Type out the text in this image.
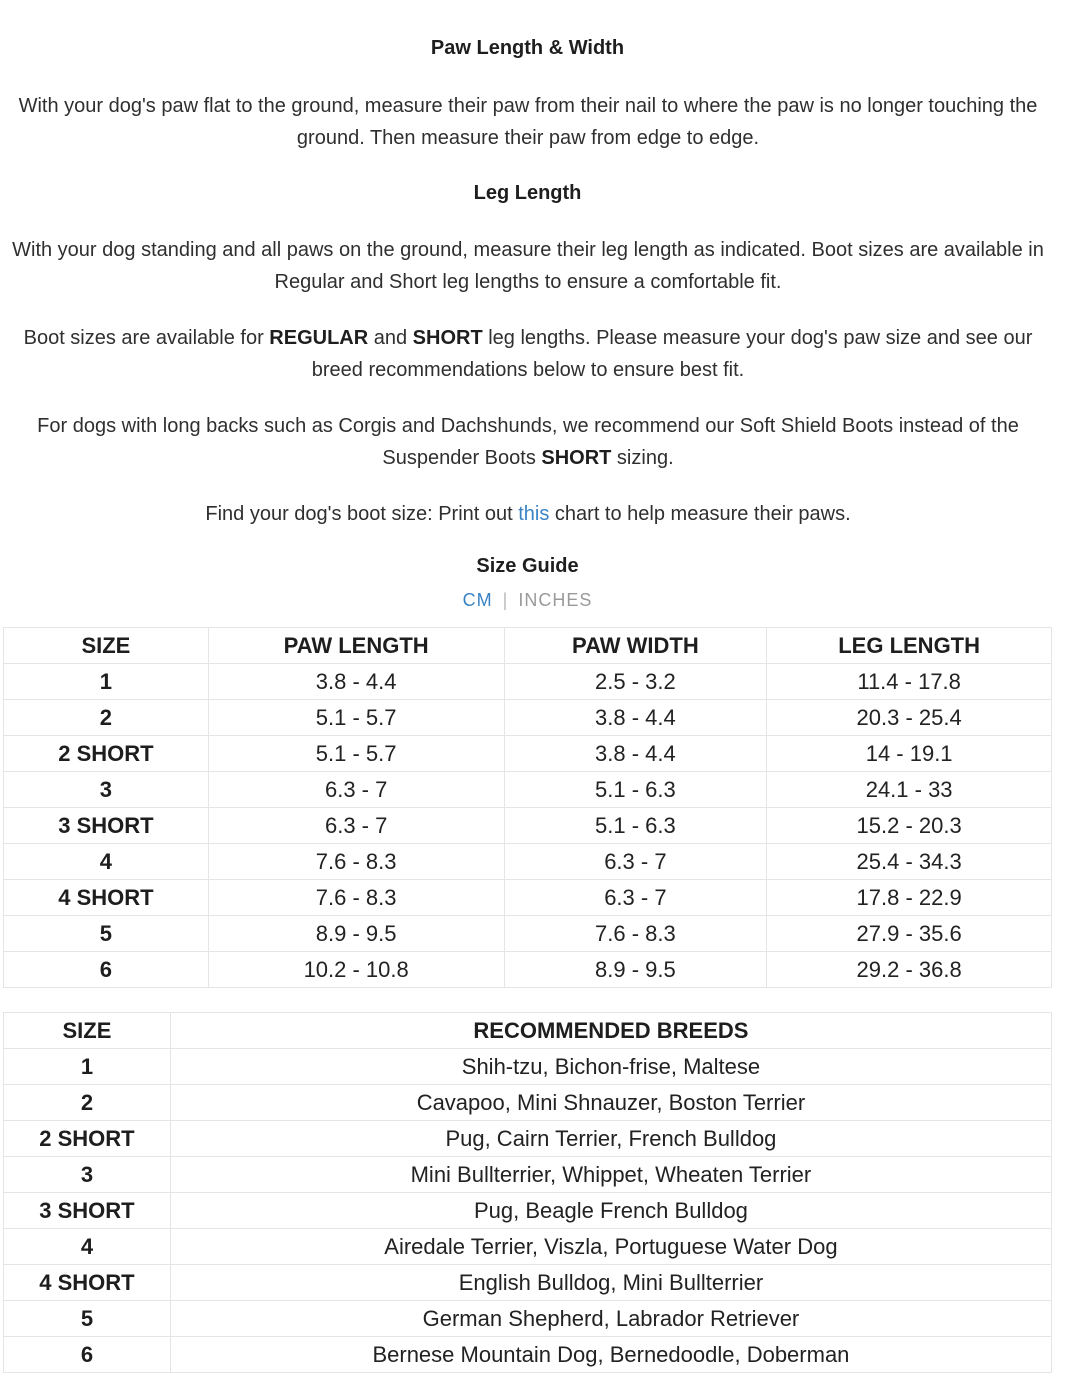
Paw Length & Width
With your dog's paw flat to the ground, measure their paw from their nail to where the paw is no longer touching the ground. Then measure their paw from edge to edge.
Leg Length
With your dog standing and all paws on the ground, measure their leg length as indicated. Boot sizes are available in Regular and Short leg lengths to ensure a comfortable fit.
Boot sizes are available for REGULAR and SHORT leg lengths. Please measure your dog's paw size and see our breed recommendations below to ensure best fit.
For dogs with long backs such as Corgis and Dachshunds, we recommend our Soft Shield Boots instead of the Suspender Boots SHORT sizing.
Find your dog's boot size: Print out this chart to help measure their paws.
Size Guide
CM | INCHES
SIZE	PAW LENGTH	PAW WIDTH	LEG LENGTH
1	3.8 - 4.4	2.5 - 3.2	11.4 - 17.8
2	5.1 - 5.7	3.8 - 4.4	20.3 - 25.4
2 SHORT	5.1 - 5.7	3.8 - 4.4	14 - 19.1
3	6.3 - 7	5.1 - 6.3	24.1 - 33
3 SHORT	6.3 - 7	5.1 - 6.3	15.2 - 20.3
4	7.6 - 8.3	6.3 - 7	25.4 - 34.3
4 SHORT	7.6 - 8.3	6.3 - 7	17.8 - 22.9
5	8.9 - 9.5	7.6 - 8.3	27.9 - 35.6
6	10.2 - 10.8	8.9 - 9.5	29.2 - 36.8
SIZE	RECOMMENDED BREEDS
1	Shih-tzu, Bichon-frise, Maltese
2	Cavapoo, Mini Shnauzer, Boston Terrier
2 SHORT	Pug, Cairn Terrier, French Bulldog
3	Mini Bullterrier, Whippet, Wheaten Terrier
3 SHORT	Pug, Beagle French Bulldog
4	Airedale Terrier, Viszla, Portuguese Water Dog
4 SHORT	English Bulldog, Mini Bullterrier
5	German Shepherd, Labrador Retriever
6	Bernese Mountain Dog, Bernedoodle, Doberman
